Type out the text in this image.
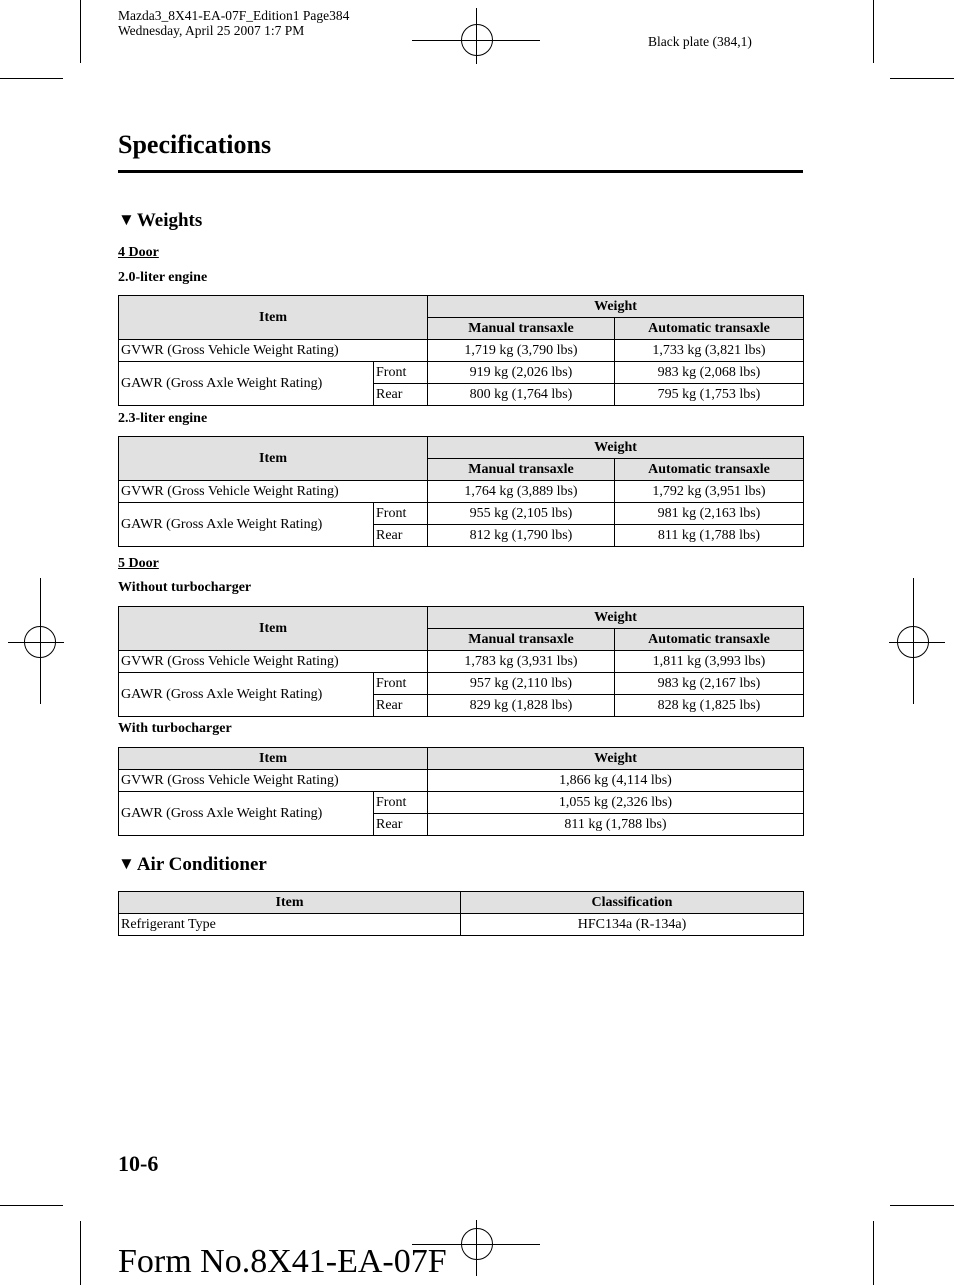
Mazda3_8X41-EA-07F_Edition1 Page384
Wednesday, April 25 2007 1:7 PM
Black plate (384,1)
Specifications
▼ Weights
4 Door
2.0-liter engine
Item		Weight	
		Manual transaxle	Automatic transaxle
GVWR (Gross Vehicle Weight Rating)		1,719 kg (3,790 lbs)	1,733 kg (3,821 lbs)
GAWR (Gross Axle Weight Rating)	Front	919 kg (2,026 lbs)	983 kg (2,068 lbs)
	Rear	800 kg (1,764 lbs)	795 kg (1,753 lbs)
2.3-liter engine
Item		Weight	
		Manual transaxle	Automatic transaxle
GVWR (Gross Vehicle Weight Rating)		1,764 kg (3,889 lbs)	1,792 kg (3,951 lbs)
GAWR (Gross Axle Weight Rating)	Front	955 kg (2,105 lbs)	981 kg (2,163 lbs)
	Rear	812 kg (1,790 lbs)	811 kg (1,788 lbs)
5 Door
Without turbocharger
Item		Weight	
		Manual transaxle	Automatic transaxle
GVWR (Gross Vehicle Weight Rating)		1,783 kg (3,931 lbs)	1,811 kg (3,993 lbs)
GAWR (Gross Axle Weight Rating)	Front	957 kg (2,110 lbs)	983 kg (2,167 lbs)
	Rear	829 kg (1,828 lbs)	828 kg (1,825 lbs)
With turbocharger
Item		Weight
GVWR (Gross Vehicle Weight Rating)		1,866 kg (4,114 lbs)
GAWR (Gross Axle Weight Rating)	Front	1,055 kg (2,326 lbs)
	Rear	811 kg (1,788 lbs)
▼ Air Conditioner
Item	Classification
Refrigerant Type	HFC134a (R-134a)
10-6
Form No.8X41-EA-07F
